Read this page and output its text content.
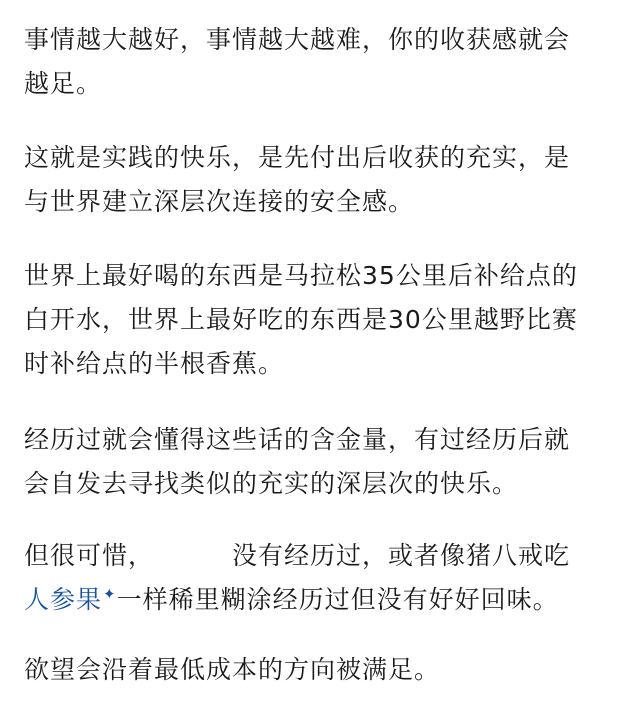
事情越大越好，事情越大越难，你的收获感就会
越足。

这就是实践的快乐，是先付出后收获的充实，是
与世界建立深层次连接的安全感。

世界上最好喝的东西是马拉松35公里后补给点的
白开水，世界上最好吃的东西是30公里越野比赛
时补给点的半根香蕉。

经历过就会懂得这些话的含金量，有过经历后就
会自发去寻找类似的充实的深层次的快乐。

但很可惜，	没有经历过，或者像猪八戒吃
人参果✦一样稀里糊涂经历过但没有好好回味。

欲望会沿着最低成本的方向被满足。
